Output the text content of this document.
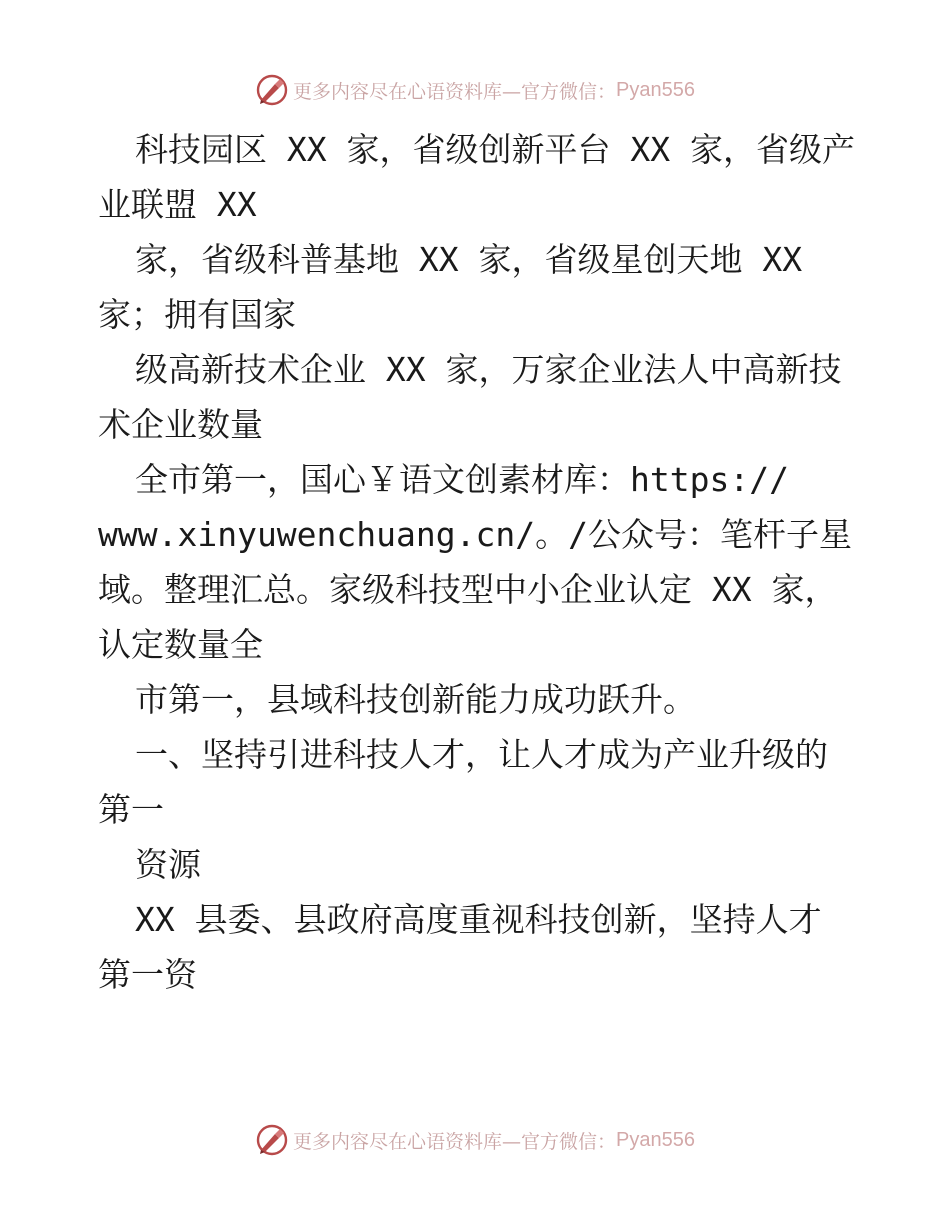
更多内容尽在心语资料库—官方微信： Pyan556
科技园区 XX 家，省级创新平台 XX 家，省级产
业联盟 XX
家，省级科普基地 XX 家，省级星创天地 XX
家；拥有国家
级高新技术企业 XX 家，万家企业法人中高新技
术企业数量
全市第一，国心￥语文创素材库：https://
www.xinyuwenchuang.cn/。/公众号：笔杆子星
域。整理汇总。家级科技型中小企业认定 XX 家，
认定数量全
市第一，县域科技创新能力成功跃升。
一、坚持引进科技人才，让人才成为产业升级的
第一
资源
XX 县委、县政府高度重视科技创新，坚持人才
第一资
更多内容尽在心语资料库—官方微信： Pyan556
